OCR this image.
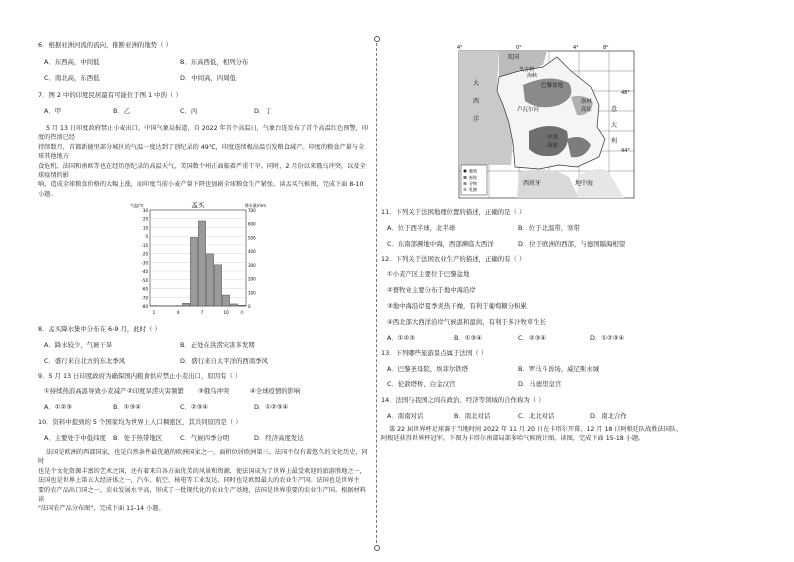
6．根据亚洲河流的流向，推断亚洲的地势（ ）
A．东西高，中间低	B．东高西低，相列分布
C．南北高，东西低	D．中间高，四周低
7．图 2 中的印度民居最有可能位于图 1 中的（ ）
A．甲	B．乙	C．丙	D．丁
5 月 13 日印度政府禁止小麦出口。中国气象局报道，自 2022 年首个高温日，气象台连发布了首个高温红色预警，印度的热浪已经
持续数月，首都新德里部分城区的气温一度达到了创纪录的 49℃，印度连续极高温引发粮食减产。印度的粮食产量与全球其他地方
食危机。法国和南欧等也在经历创纪录的高温天气，美国数个州正面临着严重干旱。同时，2 月份以来俄乌冲突，以及全球疫情的影
响，造成全球粮食价格的大幅上涨，而印度当前小麦产量下降也加剧全球粮食生产紧张。读孟买气候图，完成下面 8-10
小题。
孟买
气温/℃	降水量/mm
30
20
10
0
-10
-20
-30
-40
-50
-60
-70
-80
700
600
500
400
300
200
100
0
1	4	7	10	月
8．孟买降水集中分布在 6-9 月，此时（ ）
A．降水较少，气候干旱	B．正处在洪涝灾害多发期
C．盛行来自北方的东北季风	D．盛行来自太平洋的西南季风
9．5 月 13 日印度政府为确保国内粮食供应禁止小麦出口，原因有（ ）
①持续热浪高温导致小麦减产 ②印度旱涝灾害频繁 ③俄乌冲突	④全球疫情的影响
A．①②③	B．①③④	C．②③④	D．①②③④
10．资料中提到的 5 个国家均为世界上人口稠密区，其共同原因是（ ）
A．主要处于中低纬度 B．处于热带地区	C．气候四季分明	D．经济高度发达
法国是欧洲的西部国家，也是自然条件最优越的欧洲国家之一，面积位居欧洲第三。法国不仅有着悠久的文化历史，同时
也是个文化资源丰富的艺术之国，还有着来自各方面优美的风景和资源，使法国成为了世界上最受欢迎的旅游胜地之一，
法国也是世界上第五大经济体之一，汽车、航空、核电等工业发达，同时也是欧盟最大的农业生产国。法国也是世界主
要的农产品出口国之一，农业发展水平高，形成了一批现代化的农业生产基地，法国是世界重要的农业生产国。根据材料读
"法国农产品分布图"，完成下面 11-14 小题。
4°	0°	4°	8°
48°
44°
英国
英吉利
海峡
巴黎盆地
大
西
洋
卢瓦尔河
洛林
高原	意
大
利
中央
高原
西班牙	地中海
葡萄
畜牧
谷物
乳酪
11．下列关于法国地理位置的描述，正确的是（ ）
A．位于西半球，北半球	B．位于北温带，寒带
C．东南部濒地中海，西部濒临大西洋	D．位于欧洲的西部，与德国隔海相望
12．下列关于法国农业生产的描述，正确的有（ ）
①小麦产区主要位于巴黎盆地
②畜牧业主要分布于地中海沿岸
③地中海沿岸夏季炎热干燥，有利于葡萄糖分积累
④西北部大西洋沿岸气候温和湿润，有利于多汁牧草生长
A．①②③	B．①③④	C．②③④	D．①②③④
13．下列哪些旅游景点属于法国（ ）
A．巴黎圣母院、埃菲尔铁塔	B．罗马斗兽场、威尼斯水城
C．伦敦塔桥、白金汉宫	D．马德里皇宫
14．法国与我国之间在政治、经济等领域的合作称为（ ）
A．南南对话	B．南北对话	C．北北对话	D．南北合作
第 22 届世界杯足球赛于当地时间 2022 年 11 月 20 日在卡塔尔开幕，12 月 18 日阿根廷队战胜法国队，
阿根廷获得世界杯冠军。下图为卡塔尔南部局部多哈气候统计图。读图，完成下面 15-18 小题。
